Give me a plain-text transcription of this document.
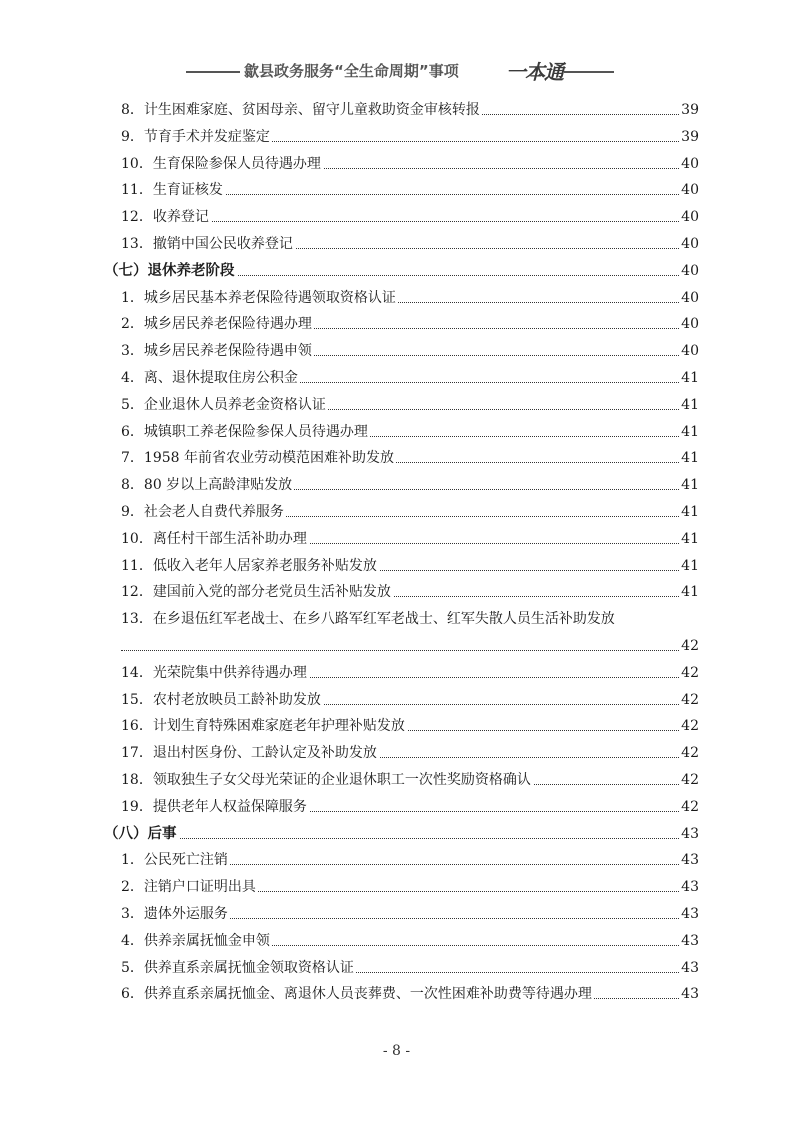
歙县政务服务“全生命周期”事项 一本通
8．计生困难家庭、贫困母亲、留守儿童救助资金审核转报	39
9．节育手术并发症鉴定	39
10．生育保险参保人员待遇办理	40
11．生育证核发	40
12．收养登记	40
13．撤销中国公民收养登记	40
（七）退休养老阶段	40
1．城乡居民基本养老保险待遇领取资格认证	40
2．城乡居民养老保险待遇办理	40
3．城乡居民养老保险待遇申领	40
4．离、退休提取住房公积金	41
5．企业退休人员养老金资格认证	41
6．城镇职工养老保险参保人员待遇办理	41
7．1958 年前省农业劳动模范困难补助发放	41
8．80 岁以上高龄津贴发放	41
9．社会老人自费代养服务	41
10．离任村干部生活补助办理	41
11．低收入老年人居家养老服务补贴发放	41
12．建国前入党的部分老党员生活补贴发放	41
13．在乡退伍红军老战士、在乡八路军红军老战士、红军失散人员生活补助发放
42
14．光荣院集中供养待遇办理	42
15．农村老放映员工龄补助发放	42
16．计划生育特殊困难家庭老年护理补贴发放	42
17．退出村医身份、工龄认定及补助发放	42
18．领取独生子女父母光荣证的企业退休职工一次性奖励资格确认	42
19．提供老年人权益保障服务	42
（八）后事	43
1．公民死亡注销	43
2．注销户口证明出具	43
3．遗体外运服务	43
4．供养亲属抚恤金申领	43
5．供养直系亲属抚恤金领取资格认证	43
6．供养直系亲属抚恤金、离退休人员丧葬费、一次性困难补助费等待遇办理	43
- 8 -
